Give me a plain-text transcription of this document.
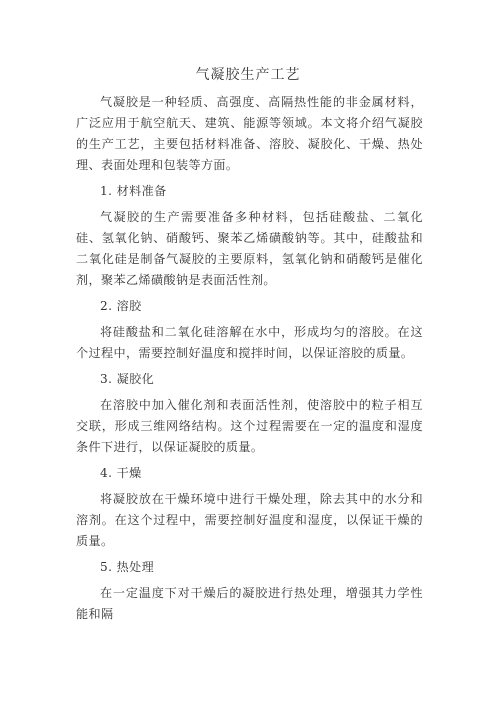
气凝胶生产工艺

气凝胶是一种轻质、高强度、高隔热性能的非金属材料，广泛应用于航空航天、建筑、能源等领域。本文将介绍气凝胶的生产工艺，主要包括材料准备、溶胶、凝胶化、干燥、热处理、表面处理和包装等方面。

1. 材料准备

气凝胶的生产需要准备多种材料，包括硅酸盐、二氧化硅、氢氧化钠、硝酸钙、聚苯乙烯磺酸钠等。其中，硅酸盐和二氧化硅是制备气凝胶的主要原料，氢氧化钠和硝酸钙是催化剂，聚苯乙烯磺酸钠是表面活性剂。

2. 溶胶

将硅酸盐和二氧化硅溶解在水中，形成均匀的溶胶。在这个过程中，需要控制好温度和搅拌时间，以保证溶胶的质量。

3. 凝胶化

在溶胶中加入催化剂和表面活性剂，使溶胶中的粒子相互交联，形成三维网络结构。这个过程需要在一定的温度和湿度条件下进行，以保证凝胶的质量。

4. 干燥

将凝胶放在干燥环境中进行干燥处理，除去其中的水分和溶剂。在这个过程中，需要控制好温度和湿度，以保证干燥的质量。

5. 热处理

在一定温度下对干燥后的凝胶进行热处理，增强其力学性能和隔
